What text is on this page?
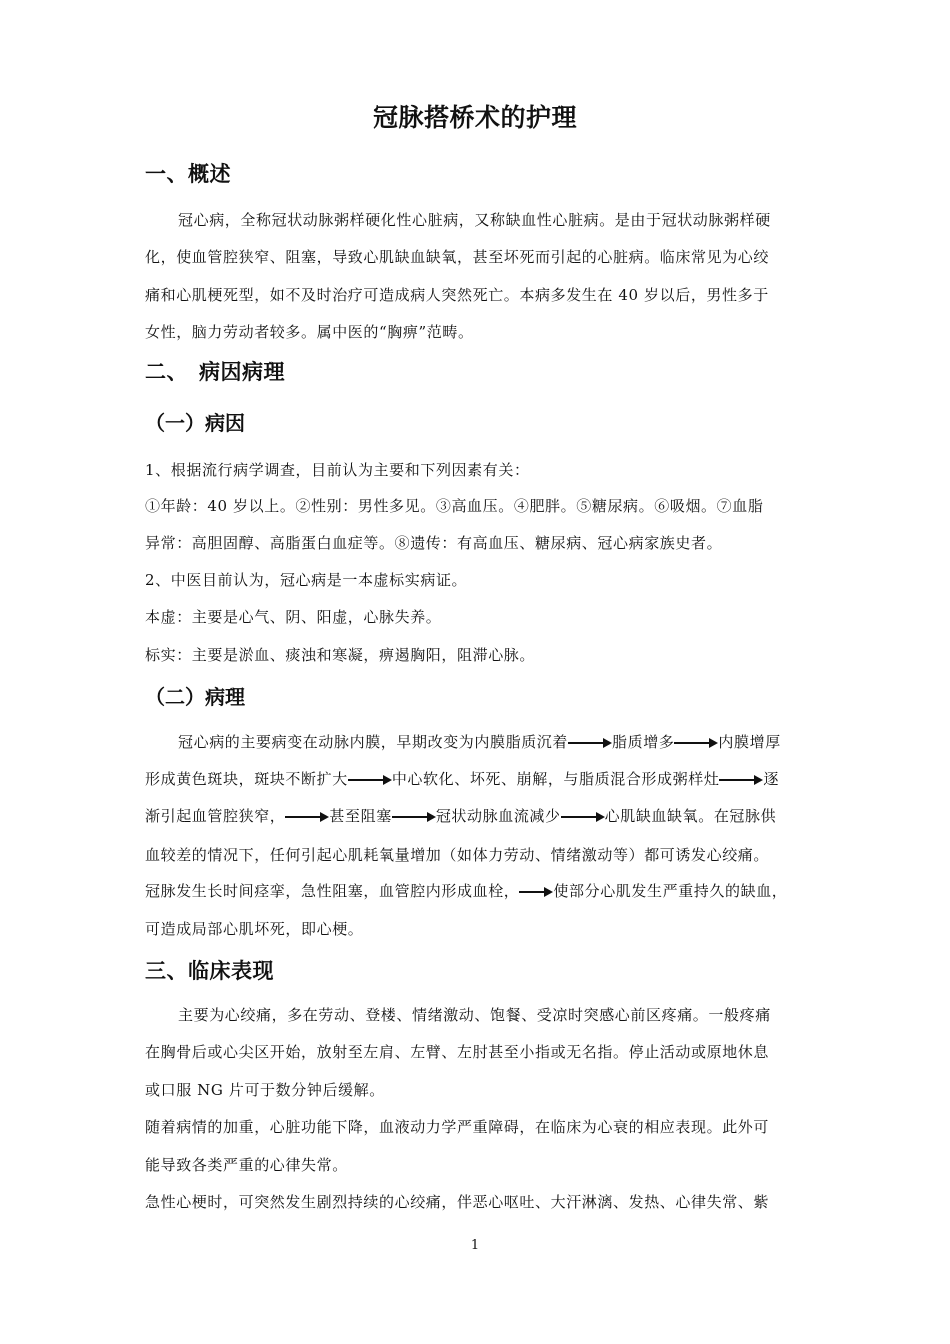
冠脉搭桥术的护理
一、概述
冠心病，全称冠状动脉粥样硬化性心脏病，又称缺血性心脏病。是由于冠状动脉粥样硬
化，使血管腔狭窄、阻塞，导致心肌缺血缺氧，甚至坏死而引起的心脏病。临床常见为心绞
痛和心肌梗死型，如不及时治疗可造成病人突然死亡。本病多发生在 40 岁以后，男性多于
女性，脑力劳动者较多。属中医的“胸痹”范畴。
二、　病因病理
（一）病因
1、根据流行病学调查，目前认为主要和下列因素有关：
①年龄：40 岁以上。②性别：男性多见。③高血压。④肥胖。⑤糖尿病。⑥吸烟。⑦血脂
异常：高胆固醇、高脂蛋白血症等。⑧遗传：有高血压、糖尿病、冠心病家族史者。
2、中医目前认为，冠心病是一本虚标实病证。
本虚：主要是心气、阴、阳虚，心脉失养。
标实：主要是淤血、痰浊和寒凝，痹遏胸阳，阻滞心脉。
（二）病理
冠心病的主要病变在动脉内膜，早期改变为内膜脂质沉着	脂质增多	内膜增厚
形成黄色斑块，斑块不断扩大	中心软化、坏死、崩解，与脂质混合形成粥样灶	逐
渐引起血管腔狭窄，	甚至阻塞	冠状动脉血流减少	心肌缺血缺氧。在冠脉供
血较差的情况下，任何引起心肌耗氧量增加（如体力劳动、情绪激动等）都可诱发心绞痛。
冠脉发生长时间痉挛，急性阻塞，血管腔内形成血栓， 使部分心肌发生严重持久的缺血，
可造成局部心肌坏死，即心梗。
三、临床表现
主要为心绞痛，多在劳动、登楼、情绪激动、饱餐、受凉时突感心前区疼痛。一般疼痛
在胸骨后或心尖区开始，放射至左肩、左臂、左肘甚至小指或无名指。停止活动或原地休息
或口服 NG 片可于数分钟后缓解。
随着病情的加重，心脏功能下降，血液动力学严重障碍，在临床为心衰的相应表现。此外可
能导致各类严重的心律失常。
急性心梗时，可突然发生剧烈持续的心绞痛，伴恶心呕吐、大汗淋漓、发热、心律失常、紫
1
